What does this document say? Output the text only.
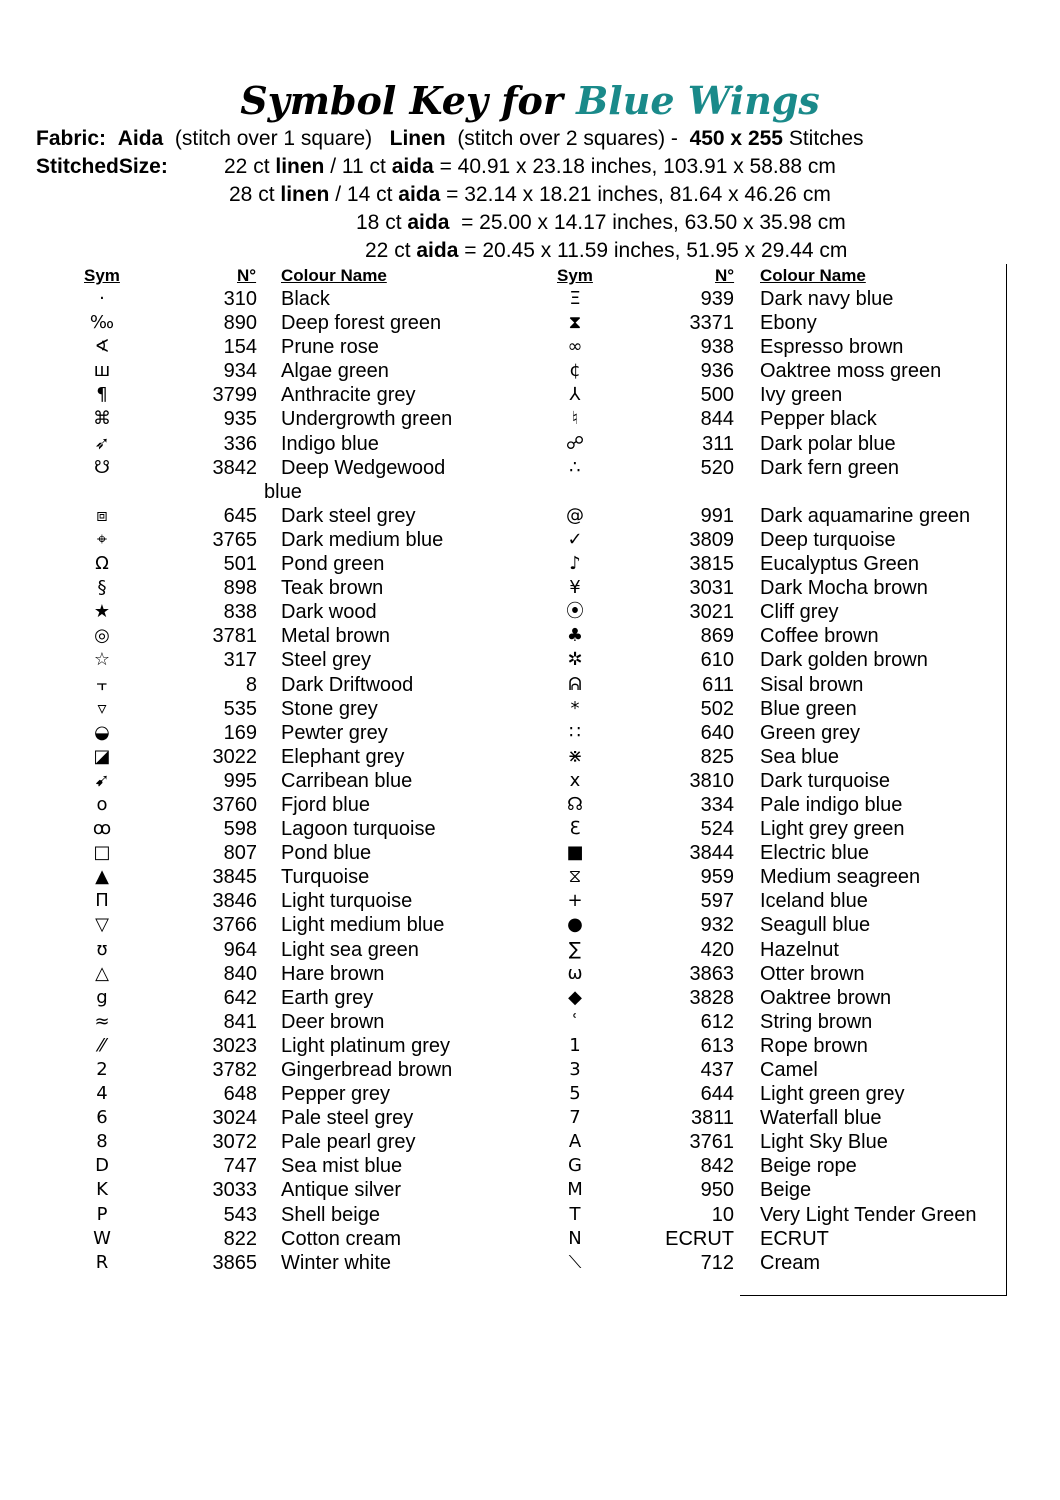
Symbol Key for Blue Wings
Fabric: Aida (stitch over 1 square) Linen (stitch over 2 squares) - 450 x 255 Stitches
StitchedSize:	22 ct linen / 11 ct aida = 40.91 x 23.18 inches, 103.91 x 58.88 cm
28 ct linen / 14 ct aida = 32.14 x 18.21 inches, 81.64 x 46.26 cm
18 ct aida  = 25.00 x 14.17 inches, 63.50 x 35.98 cm
22 ct aida = 20.45 x 11.59 inches, 51.95 x 29.44 cm
Sym	N° Colour Name	Sym	N° Colour Name
·	310 Black
‰	890 Deep forest green
∢	154 Prune rose
ш	934 Algae green
¶	3799 Anthracite grey
⌘	935 Undergrowth green
➶	336 Indigo blue
☋	3842 Deep Wedgewood
blue
⧈	645 Dark steel grey
⌖	3765 Dark medium blue
Ω	501 Pond green
§	898 Teak brown
★	838 Dark wood
◎	3781 Metal brown
☆	317 Steel grey
⫟	8 Dark Driftwood
▿	535 Stone grey
◒	169 Pewter grey
◪	3022 Elephant grey
➹	995 Carribean blue
o	3760 Fjord blue
ꝏ	598 Lagoon turquoise
□	807 Pond blue
▲	3845 Turquoise
Π	3846 Light turquoise
▽	3766 Light medium blue
ʊ	964 Light sea green
△	840 Hare brown
g	642 Earth grey
≈	841 Deer brown
⁄⁄	3023 Light platinum grey
2	3782 Gingerbread brown
4	648 Pepper grey
6	3024 Pale steel grey
8	3072 Pale pearl grey
D	747 Sea mist blue
K	3033 Antique silver
P	543 Shell beige
W	822 Cotton cream
R	3865 Winter white
Ξ	939 Dark navy blue
⧗	3371 Ebony
∞	938 Espresso brown
¢	936 Oaktree moss green
⅄	500 Ivy green
♮	844 Pepper black
☍	311 Dark polar blue
∴	520 Dark fern green
@	991 Dark aquamarine green
✓	3809 Deep turquoise
♪	3815 Eucalyptus Green
¥	3031 Dark Mocha brown
⦿	3021 Cliff grey
♣	869 Coffee brown
✲	610 Dark golden brown
ᕱ	611 Sisal brown
*	502 Blue green
∷	640 Green grey
⋇	825 Sea blue
x	3810 Dark turquoise
☊	334 Pale indigo blue
ℇ	524 Light grey green
■	3844 Electric blue
⧖	959 Medium seagreen
+	597 Iceland blue
●	932 Seagull blue
∑	420 Hazelnut
ω	3863 Otter brown
◆	3828 Oaktree brown
ʿ	612 String brown
1	613 Rope brown
3	437 Camel
5	644 Light green grey
7	3811 Waterfall blue
A	3761 Light Sky Blue
G	842 Beige rope
M	950 Beige
T	10 Very Light Tender Green
N	ECRUT ECRUT
⟍	712 Cream
